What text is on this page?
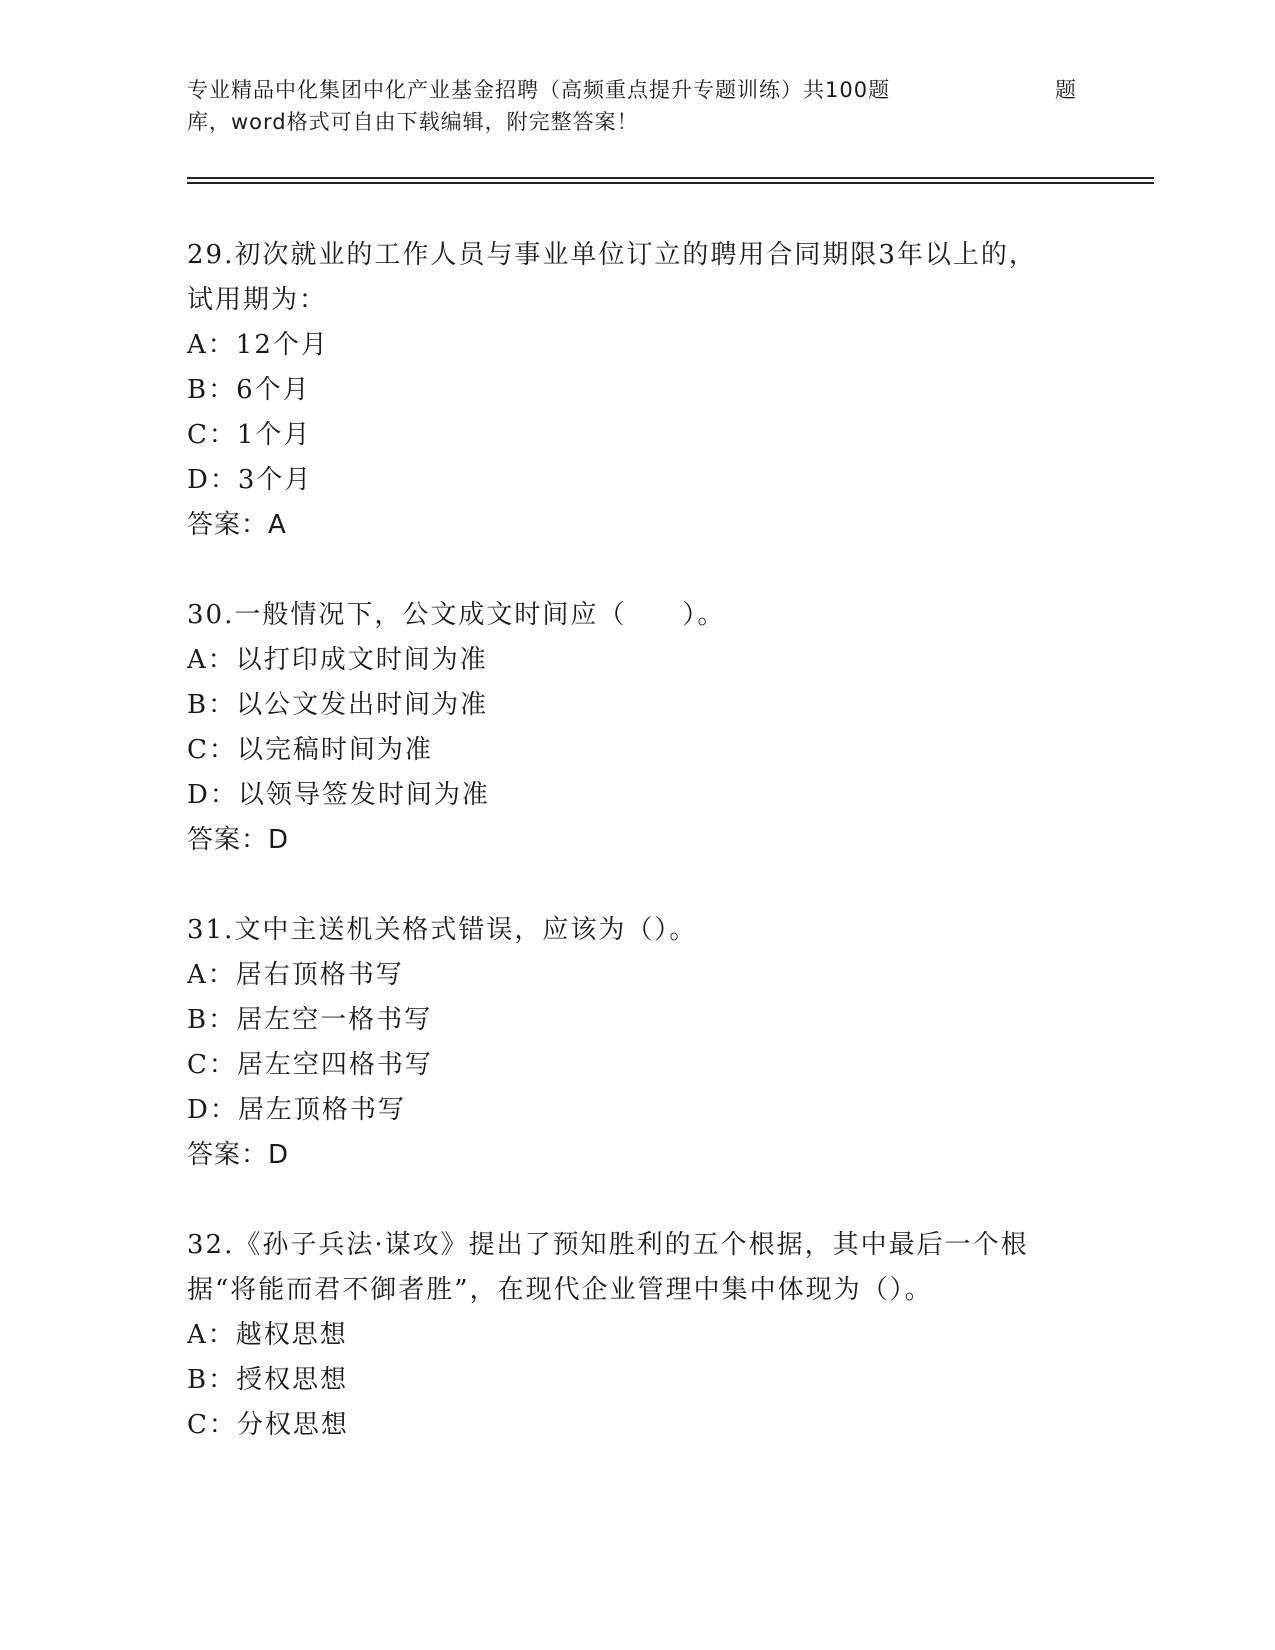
专业精品中化集团中化产业基金招聘（高频重点提升专题训练）共100题	题
库，word格式可自由下载编辑，附完整答案！
29.初次就业的工作人员与事业单位订立的聘用合同期限3年以上的，
试用期为：
A：12个月
B：6个月
C：1个月
D：3个月
答案：A
30.一般情况下，公文成文时间应（　　）。
A：以打印成文时间为准
B：以公文发出时间为准
C：以完稿时间为准
D：以领导签发时间为准
答案：D
31.文中主送机关格式错误，应该为（）。
A：居右顶格书写
B：居左空一格书写
C：居左空四格书写
D：居左顶格书写
答案：D
32.《孙子兵法·谋攻》提出了预知胜利的五个根据，其中最后一个根
据“将能而君不御者胜”，在现代企业管理中集中体现为（）。
A：越权思想
B：授权思想
C：分权思想
